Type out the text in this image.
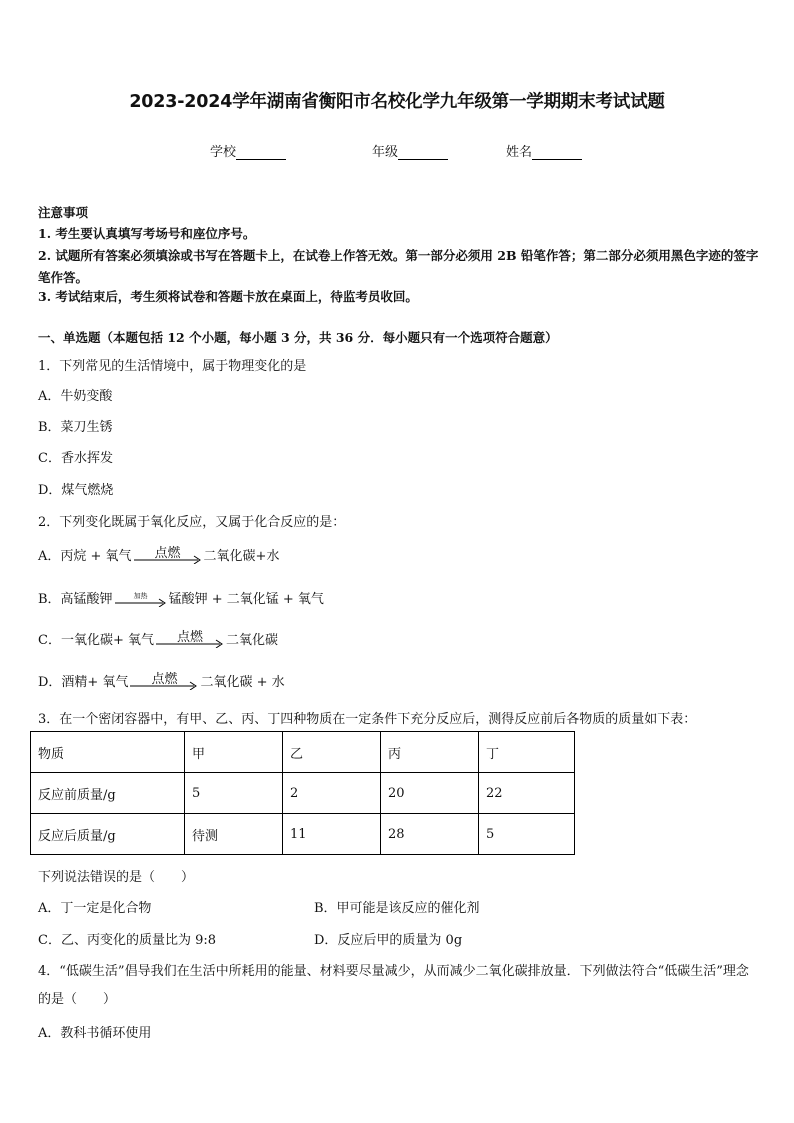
2023-2024学年湖南省衡阳市名校化学九年级第一学期期末考试试题
学校	年级	姓名
注意事项
1. 考生要认真填写考场号和座位序号。
2. 试题所有答案必须填涂或书写在答题卡上，在试卷上作答无效。第一部分必须用 2B 铅笔作答；第二部分必须用黑色字迹的签字笔作答。
3. 考试结束后，考生须将试卷和答题卡放在桌面上，待监考员收回。
一、单选题（本题包括 12 个小题，每小题 3 分，共 36 分．每小题只有一个选项符合题意）
1．下列常见的生活情境中，属于物理变化的是
A．牛奶变酸
B．菜刀生锈
C．香水挥发
D．煤气燃烧
2．下列变化既属于氧化反应，又属于化合反应的是：
A．丙烷 + 氧气	点燃	二氧化碳+水
B．高锰酸钾	加热	锰酸钾 + 二氧化锰 + 氧气
C．一氧化碳+ 氧气	点燃	二氧化碳
D．酒精+ 氧气	点燃	二氧化碳 + 水
3．在一个密闭容器中，有甲、乙、丙、丁四种物质在一定条件下充分反应后，测得反应前后各物质的质量如下表：
物质	甲	乙	丙	丁
反应前质量/g	5	2	20	22
反应后质量/g	待测	11	28	5
下列说法错误的是（　　）
A．丁一定是化合物	B．甲可能是该反应的催化剂
C．乙、丙变化的质量比为 9:8	D．反应后甲的质量为 0g
4．“低碳生活”倡导我们在生活中所耗用的能量、材料要尽量减少，从而减少二氧化碳排放量．下列做法符合“低碳生活”理念的是（　　）
A．教科书循环使用
